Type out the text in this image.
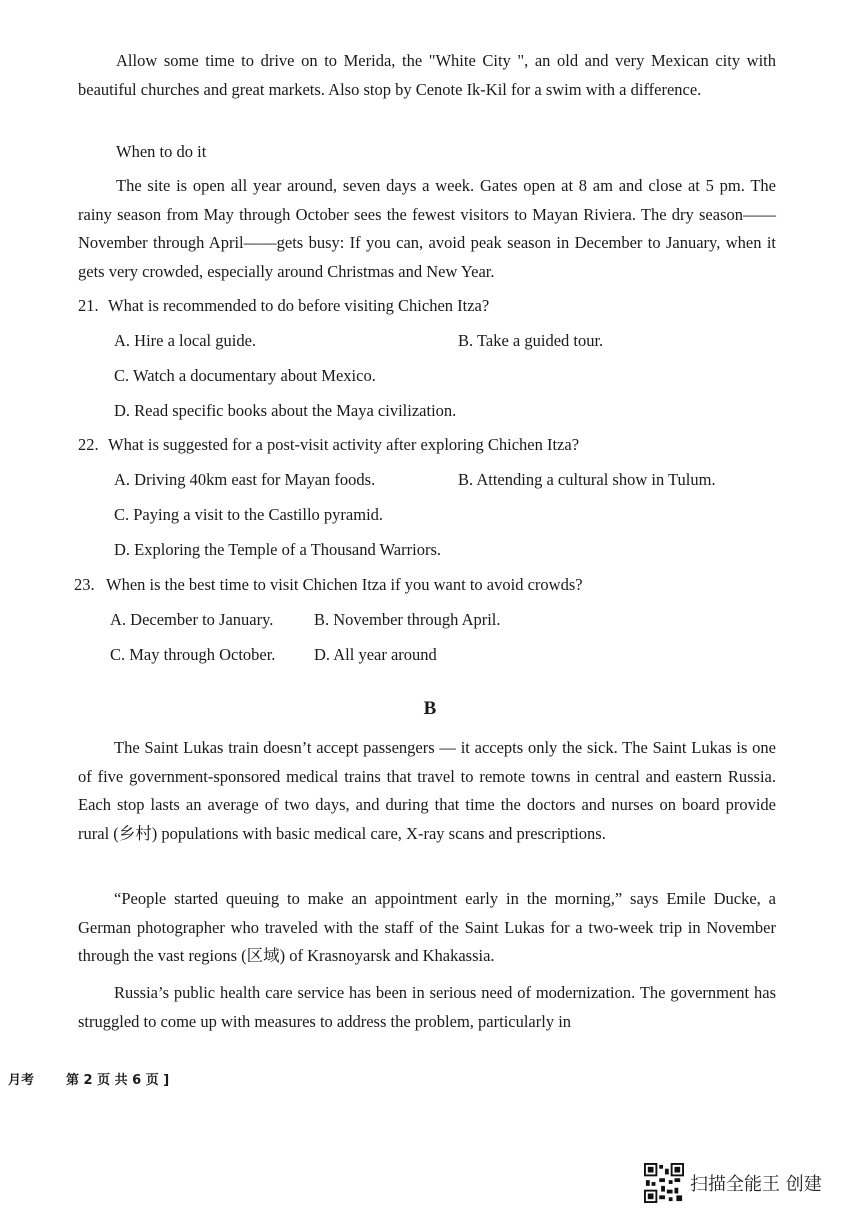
Allow some time to drive on to Merida, the "White City ", an old and very Mexican city with beautiful churches and great markets. Also stop by Cenote Ik-Kil for a swim with a difference.

When to do it

The site is open all year around, seven days a week. Gates open at 8 am and close at 5 pm. The rainy season from May through October sees the fewest visitors to Mayan Riviera. The dry season—— November through April——gets busy: If you can, avoid peak season in December to January, when it gets very crowded, especially around Christmas and New Year.

21. What is recommended to do before visiting Chichen Itza?
A. Hire a local guide.	B. Take a guided tour.
C. Watch a documentary about Mexico.
D. Read specific books about the Maya civilization.
22. What is suggested for a post-visit activity after exploring Chichen Itza?
A. Driving 40km east for Mayan foods.	B. Attending a cultural show in Tulum.
C. Paying a visit to the Castillo pyramid.
D. Exploring the Temple of a Thousand Warriors.
23. When is the best time to visit Chichen Itza if you want to avoid crowds?
A. December to January. B. November through April.
C. May through October. D. All year around
B

The Saint Lukas train doesn’t accept passengers — it accepts only the sick. The Saint Lukas is one of five government-sponsored medical trains that travel to remote towns in central and eastern Russia. Each stop lasts an average of two days, and during that time the doctors and nurses on board provide rural (乡村) populations with basic medical care, X-ray scans and prescriptions.

“People started queuing to make an appointment early in the morning,” says Emile Ducke, a German photographer who traveled with the staff of the Saint Lukas for a two-week trip in November through the vast regions (区域) of Krasnoyarsk and Khakassia.

Russia’s public health care service has been in serious need of modernization. The government has struggled to come up with measures to address the problem, particularly in

月考 第 2 页 共 6 页 ]
扫描全能王 创建
